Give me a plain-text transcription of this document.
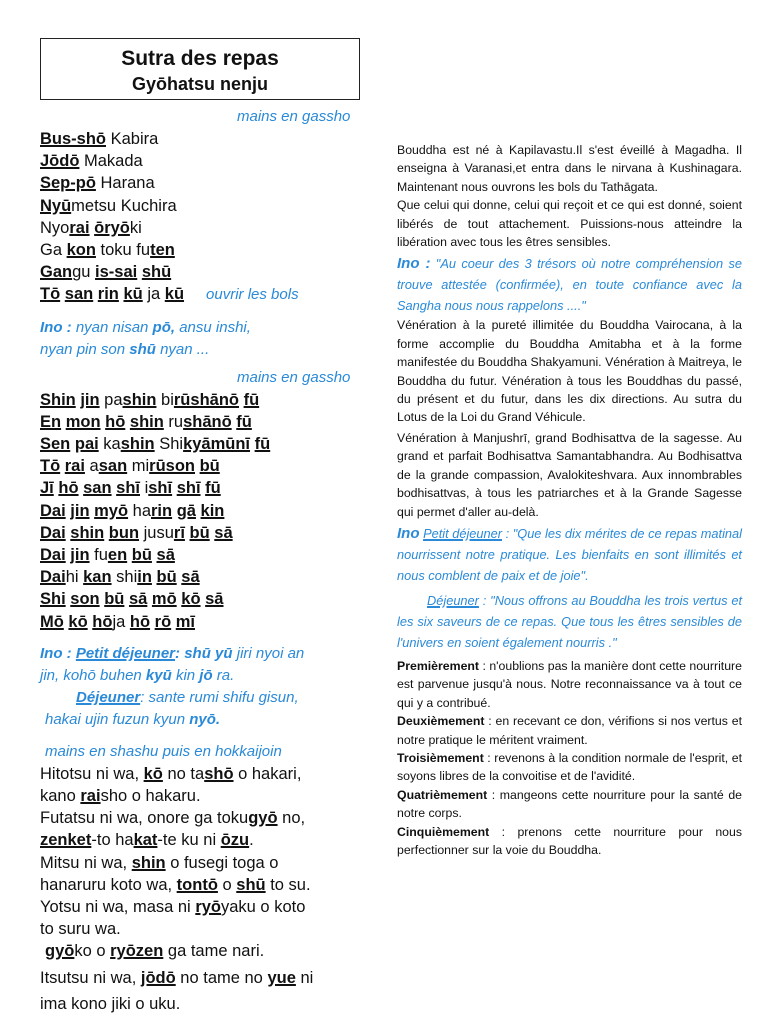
Sutra des repas
Gyōhatsu nenju
mains en gassho
Bus-shō Kabira
Jōdō Makada
Sep-pō Harana
Nyūmetsu Kuchira
Nyorai ōryōki
Ga kon toku futen
Gangu is-sai shū
Tō san rin kū ja kū ouvrir les bols
Ino : nyan nisan pō, ansu inshi,
nyan pin son shū nyan ...
mains en gassho
Shin jin pashin birūshānō fū
En mon hō shin rushānō fū
Sen pai kashin Shikyāmūnī fū
Tō rai asan mirūson bū
Jī hō san shī ishī shī fū
Dai jin myō harin gā kin
Dai shin bun jusurī bū sā
Dai jin fuen bū sā
Daihi kan shiin bū sā
Shi son bū sā mō kō sā
Mō kō hōja hō rō mī
Ino : Petit déjeuner: shū yū jiri nyoi an
jin, kohō buhen kyū kin jō ra.
Déjeuner: sante rumi shifu gisun,
hakai ujin fuzun kyun nyō.
mains en shashu puis en hokkaijoin
Hitotsu ni wa, kō no tashō o hakari,
kano raisho o hakaru.
Futatsu ni wa, onore ga tokugyō no,
zenket-to hakat-te ku ni ōzu.
Mitsu ni wa, shin o fusegi toga o
hanaruru koto wa, tontō o shū to su.
Yotsu ni wa, masa ni ryōyaku o koto
to suru wa.
gyōko o ryōzen ga tame nari.
Itsutsu ni wa, jōdō no tame no yue ni
ima kono jiki o uku.

Bouddha est né à Kapilavastu.Il s'est éveillé à Magadha. Il enseigna à Varanasi,et entra dans le nirvana à Kushinagara. Maintenant nous ouvrons les bols du Tathāgata.

Que celui qui donne, celui qui reçoit et ce qui est donné, soient libérés de tout attachement. Puissions-nous atteindre la libération avec tous les êtres sensibles.

Ino : "Au coeur des 3 trésors où notre compréhension se trouve attestée (confirmée), en toute confiance avec la Sangha nous nous rappelons ...."

Vénération à la pureté illimitée du Bouddha Vairocana, à la forme accomplie du Bouddha Amitabha et à la forme manifestée du Bouddha Shakyamuni. Vénération à Maitreya, le Bouddha du futur. Vénération à tous les Bouddhas du passé, du présent et du futur, dans les dix directions. Au sutra du Lotus de la Loi du Grand Véhicule.

Vénération à Manjushrī, grand Bodhisattva de la sagesse. Au grand et parfait Bodhisattva Samantabhandra. Au Bodhisattva de la grande compassion, Avalokiteshvara. Aux innombrables bodhisattvas, à tous les patriarches et à la Grande Sagesse qui permet d'aller au-delà.

Ino Petit déjeuner : "Que les dix mérites de ce repas matinal nourrissent notre pratique. Les bienfaits en sont illimités et nous comblent de paix et de joie".

Déjeuner : "Nous offrons au Bouddha les trois vertus et les six saveurs de ce repas. Que tous les êtres sensibles de l'univers en soient également nourris ."

Premièrement : n'oublions pas la manière dont cette nourriture est parvenue jusqu'à nous. Notre reconnaissance va à tout ce qui y a contribué.

Deuxièmement : en recevant ce don, vérifions si nos vertus et notre pratique le méritent vraiment.

Troisièmement : revenons à la condition normale de l'esprit, et soyons libres de la convoitise et de l'avidité.

Quatrièmement : mangeons cette nourriture pour la santé de notre corps.

Cinquièmement : prenons cette nourriture pour nous perfectionner sur la voie du Bouddha.
